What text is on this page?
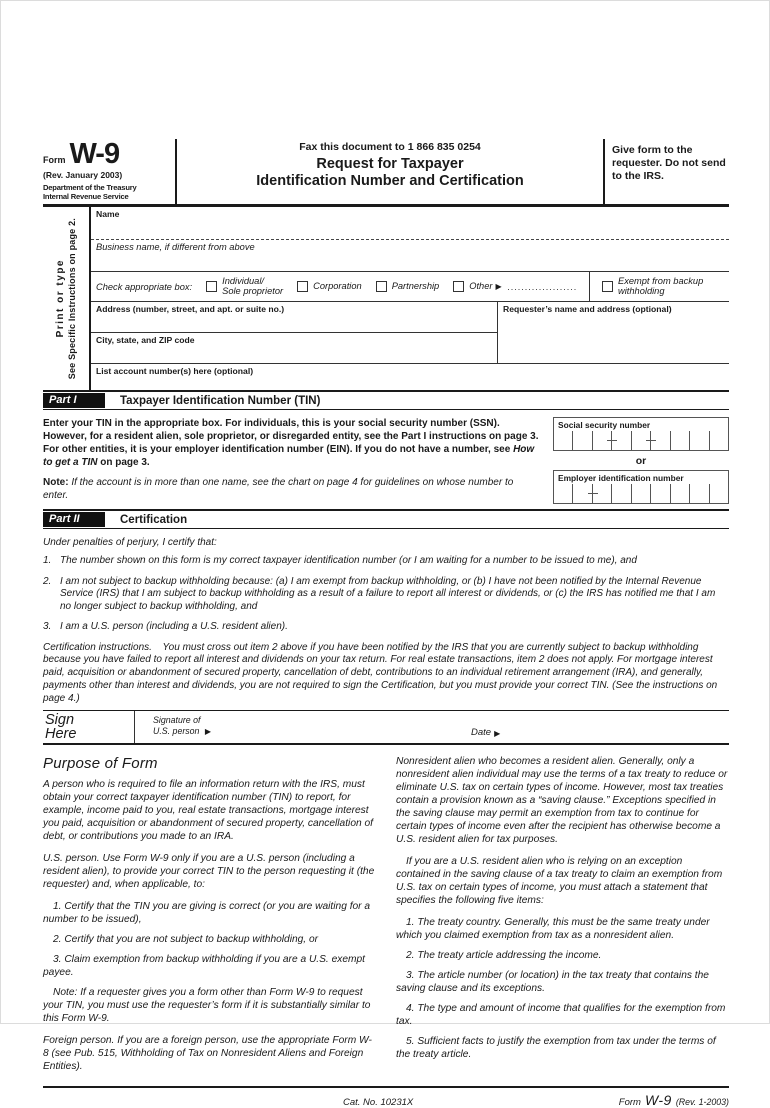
Form W-9
(Rev. January 2003)
Department of the Treasury
Internal Revenue Service
Fax this document to 1 866 835 0254
Request for Taxpayer
Identification Number and Certification
Give form to the requester. Do not send to the IRS.
Print or type See Specific Instructions on page 2.
Name
Business name, if different from above
Check appropriate box:
Individual/
Sole proprietor	Corporation	Partnership	Other ▶ ....................
Exempt from backup withholding
Address (number, street, and apt. or suite no.)
City, state, and ZIP code
Requester’s name and address (optional)
List account number(s) here (optional)
Part I	Taxpayer Identification Number (TIN)
Enter your TIN in the appropriate box. For individuals, this is your social security number (SSN). However, for a resident alien, sole proprietor, or disregarded entity, see the Part I instructions on page 3. For other entities, it is your employer identification number (EIN). If you do not have a number, see How to get a TIN on page 3.
Note: If the account is in more than one name, see the chart on page 4 for guidelines on whose number to enter.
Social security number
or
Employer identification number
Part II	Certification
Under penalties of perjury, I certify that:
1. The number shown on this form is my correct taxpayer identification number (or I am waiting for a number to be issued to me), and
2. I am not subject to backup withholding because: (a) I am exempt from backup withholding, or (b) I have not been notified by the Internal Revenue Service (IRS) that I am subject to backup withholding as a result of a failure to report all interest or dividends, or (c) the IRS has notified me that I am no longer subject to backup withholding, and
3. I am a U.S. person (including a U.S. resident alien).
Certification instructions. You must cross out item 2 above if you have been notified by the IRS that you are currently subject to backup withholding because you have failed to report all interest and dividends on your tax return. For real estate transactions, item 2 does not apply. For mortgage interest paid, acquisition or abandonment of secured property, cancellation of debt, contributions to an individual retirement arrangement (IRA), and generally, payments other than interest and dividends, you are not required to sign the Certification, but you must provide your correct TIN. (See the instructions on page 4.)
Sign
Here
Signature of
U.S. person ▶	Date ▶
Purpose of Form

A person who is required to file an information return with the IRS, must obtain your correct taxpayer identification number (TIN) to report, for example, income paid to you, real estate transactions, mortgage interest you paid, acquisition or abandonment of secured property, cancellation of debt, or contributions you made to an IRA.

U.S. person. Use Form W-9 only if you are a U.S. person (including a resident alien), to provide your correct TIN to the person requesting it (the requester) and, when applicable, to:

1. Certify that the TIN you are giving is correct (or you are waiting for a number to be issued),

2. Certify that you are not subject to backup withholding, or

3. Claim exemption from backup withholding if you are a U.S. exempt payee.

Note: If a requester gives you a form other than Form W-9 to request your TIN, you must use the requester’s form if it is substantially similar to this Form W-9.

Foreign person. If you are a foreign person, use the appropriate Form W-8 (see Pub. 515, Withholding of Tax on Nonresident Aliens and Foreign Entities).

Nonresident alien who becomes a resident alien. Generally, only a nonresident alien individual may use the terms of a tax treaty to reduce or eliminate U.S. tax on certain types of income. However, most tax treaties contain a provision known as a “saving clause.” Exceptions specified in the saving clause may permit an exemption from tax to continue for certain types of income even after the recipient has otherwise become a U.S. resident alien for tax purposes.

If you are a U.S. resident alien who is relying on an exception contained in the saving clause of a tax treaty to claim an exemption from U.S. tax on certain types of income, you must attach a statement that specifies the following five items:

1. The treaty country. Generally, this must be the same treaty under which you claimed exemption from tax as a nonresident alien.

2. The treaty article addressing the income.

3. The article number (or location) in the tax treaty that contains the saving clause and its exceptions.

4. The type and amount of income that qualifies for the exemption from tax.

5. Sufficient facts to justify the exemption from tax under the terms of the treaty article.

Cat. No. 10231X	Form W-9 (Rev. 1-2003)
